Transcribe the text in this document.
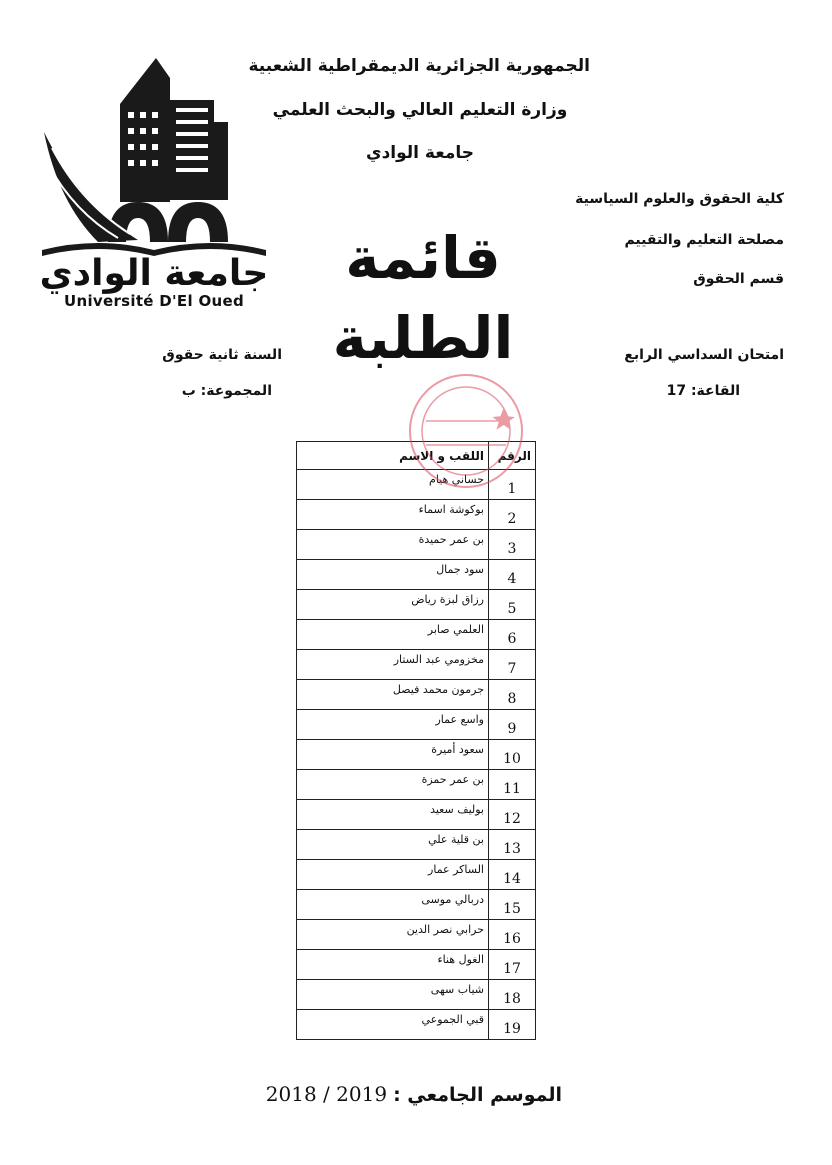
الجمهورية الجزائرية الديمقراطية الشعبية
وزارة التعليم العالي والبحث العلمي
جامعة الوادي
جامعة الوادي
Université D'El Oued
كلية الحقوق والعلوم السياسية
مصلحة التعليم والتقييم
قسم الحقوق
قائمة الطلبة	امتحان السداسي الرابع
القاعة: 17
السنة ثانية حقوق
المجموعة: ب
الرقم	اللقب و الاسم
1	حساني هيام
2	بوكوشة اسماء
3	بن عمر حميدة
4	سود جمال
5	رزاق لبزة رياض
6	العلمي صابر
7	مخزومي عبد الستار
8	جرمون محمد فيصل
9	واسع عمار
10	سعود أميرة
11	بن عمر حمزة
12	بوليف سعيد
13	بن قلية علي
14	الساكر عمار
15	دربالي موسى
16	حرابي نصر الدين
17	الغول هناء
18	شياب سهى
19	قبي الجموعي
الموسم الجامعي : 2019 / 2018
